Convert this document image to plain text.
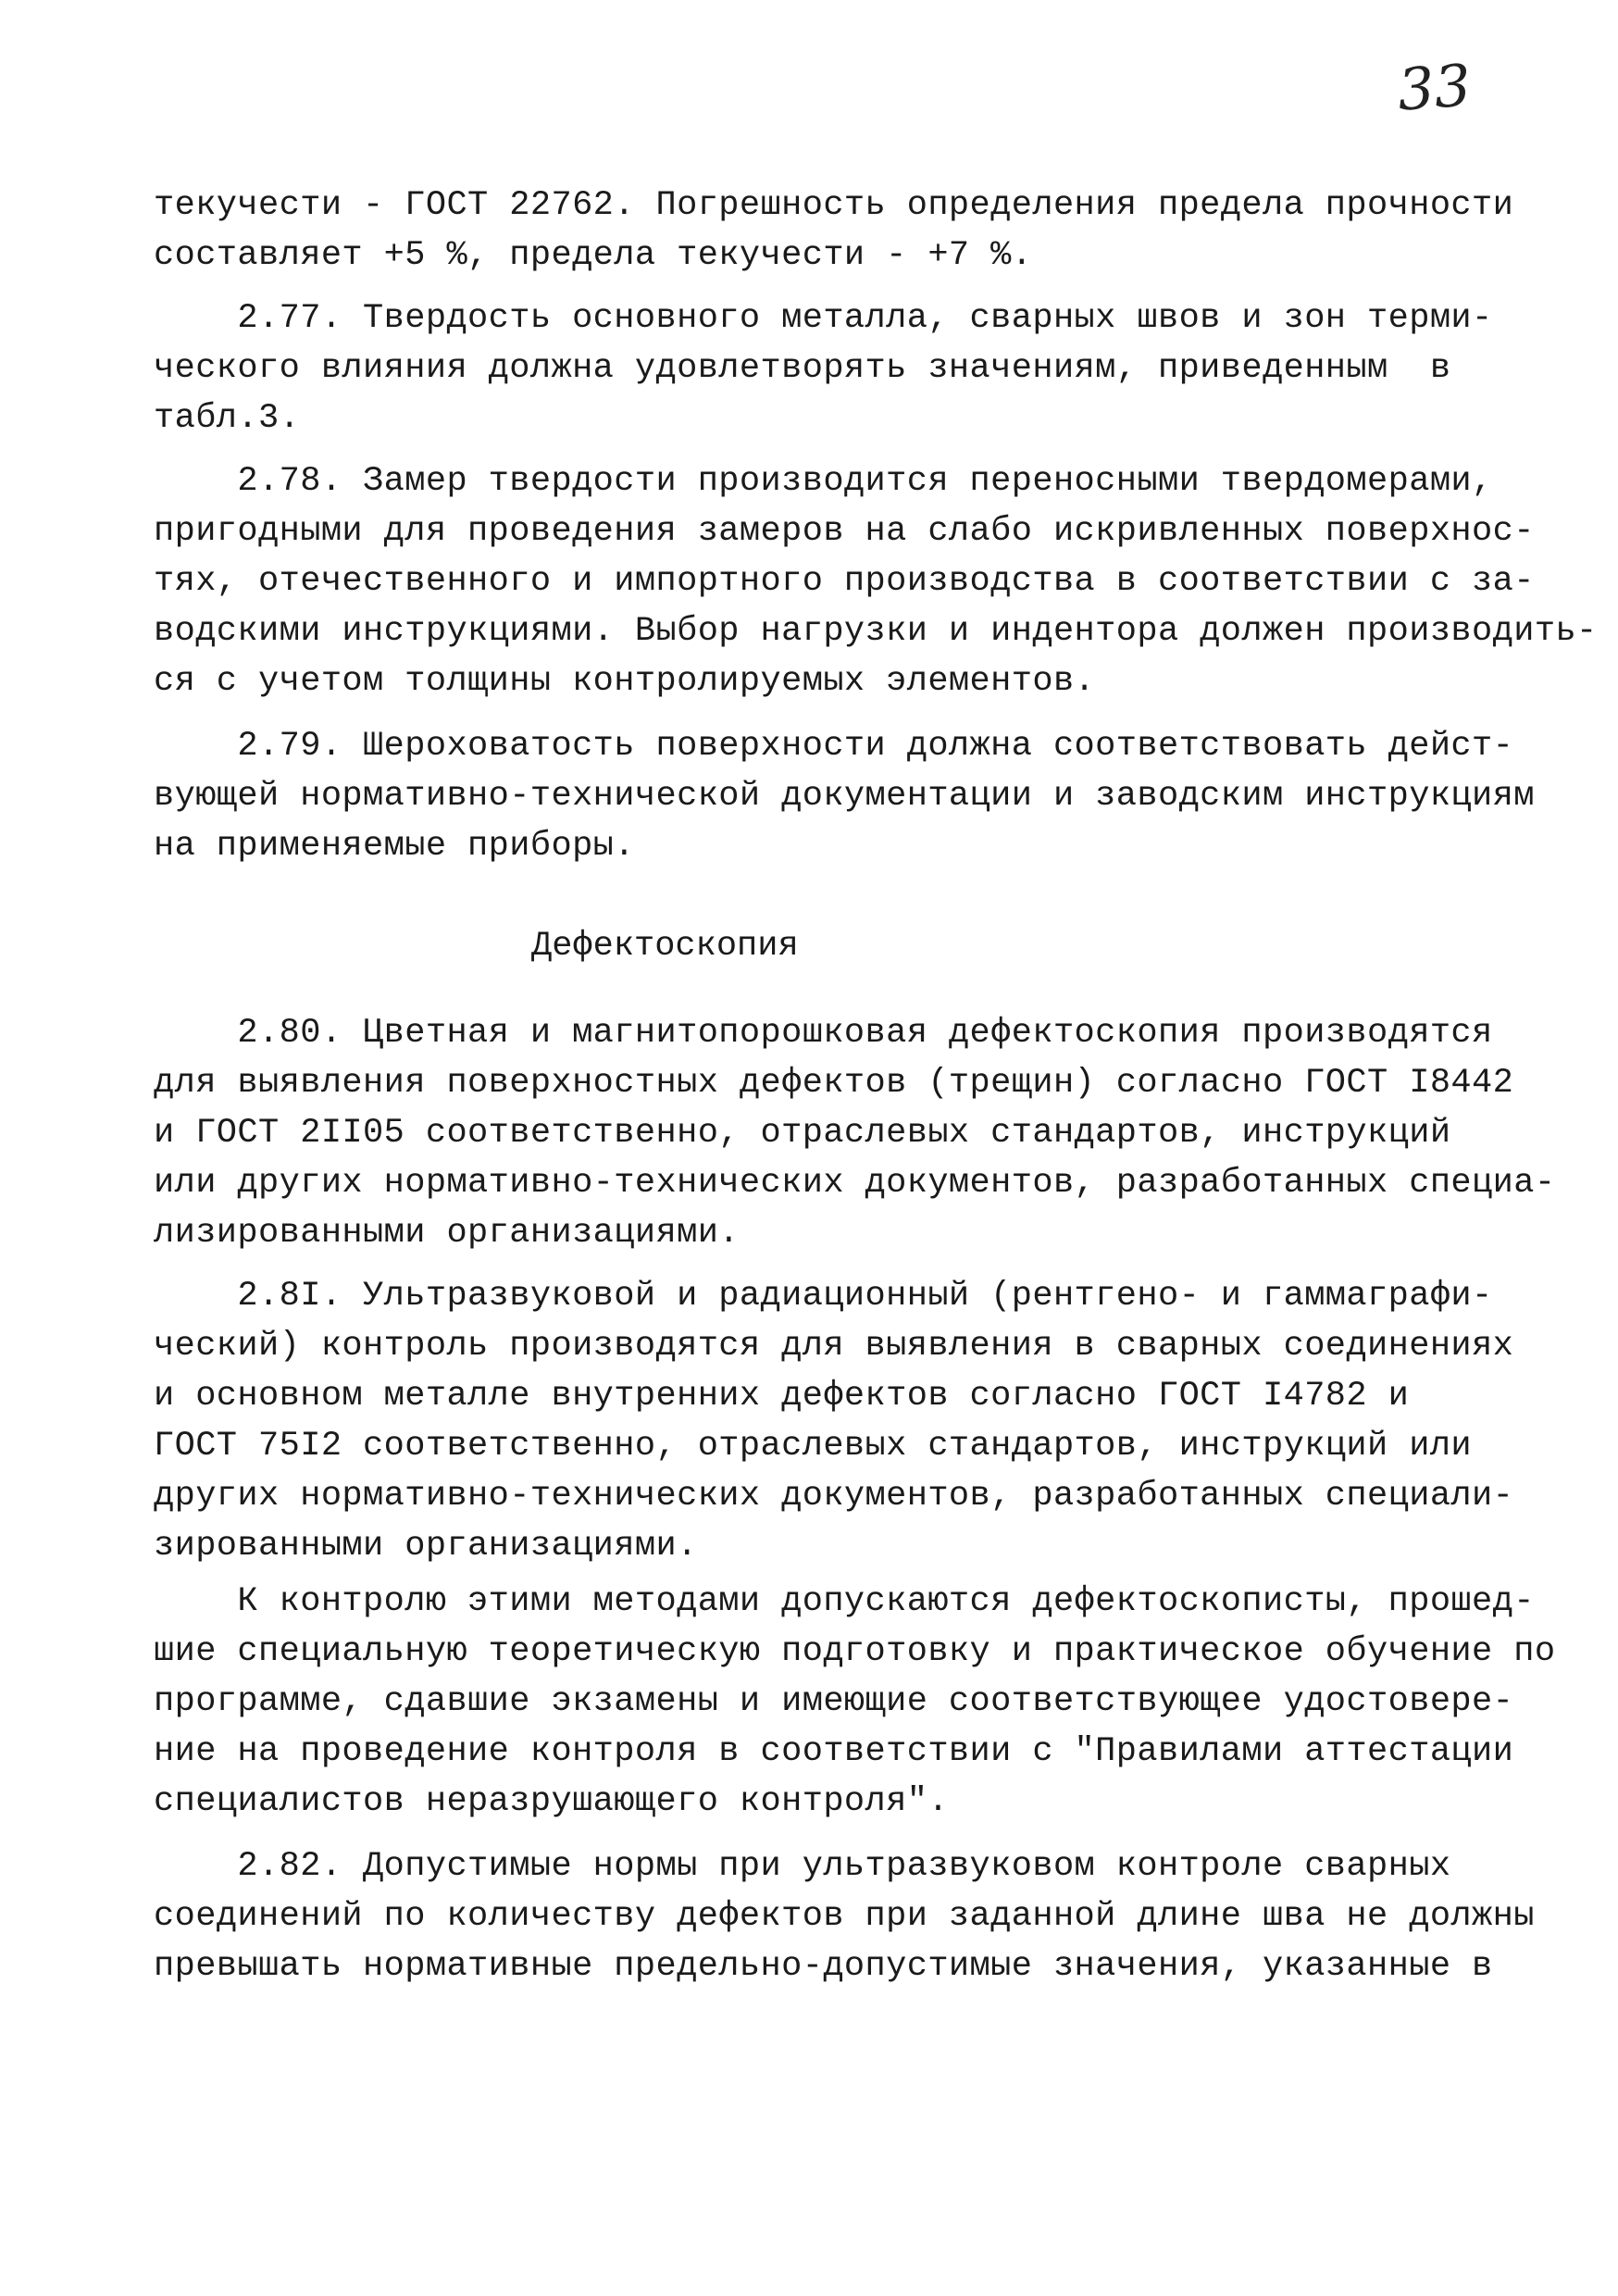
33
текучести - ГОСТ 22762. Погрешность определения предела прочности
составляет +5 %, предела текучести - +7 %.
2.77. Твердость основного металла, сварных швов и зон терми-
ческого влияния должна удовлетворять значениям, приведенным  в
табл.3.
2.78. Замер твердости производится переносными твердомерами,
пригодными для проведения замеров на слабо искривленных поверхнос-
тях, отечественного и импортного производства в соответствии с за-
водскими инструкциями. Выбор нагрузки и индентора должен производить-
ся с учетом толщины контролируемых элементов.
2.79. Шероховатость поверхности должна соответствовать дейст-
вующей нормативно-технической документации и заводским инструкциям
на применяемые приборы.
Дефектоскопия
2.80. Цветная и магнитопорошковая дефектоскопия производятся
для выявления поверхностных дефектов (трещин) согласно ГОСТ I8442
и ГОСТ 2II05 соответственно, отраслевых стандартов, инструкций
или других нормативно-технических документов, разработанных специа-
лизированными организациями.
2.8I. Ультразвуковой и радиационный (рентгено- и гаммаграфи-
ческий) контроль производятся для выявления в сварных соединениях
и основном металле внутренних дефектов согласно ГОСТ I4782 и
ГОСТ 75I2 соответственно, отраслевых стандартов, инструкций или
других нормативно-технических документов, разработанных специали-
зированными организациями.
К контролю этими методами допускаются дефектоскописты, прошед-
шие специальную теоретическую подготовку и практическое обучение по
программе, сдавшие экзамены и имеющие соответствующее удостовере-
ние на проведение контроля в соответствии с "Правилами аттестации
специалистов неразрушающего контроля".
2.82. Допустимые нормы при ультразвуковом контроле сварных
соединений по количеству дефектов при заданной длине шва не должны
превышать нормативные предельно-допустимые значения, указанные в
